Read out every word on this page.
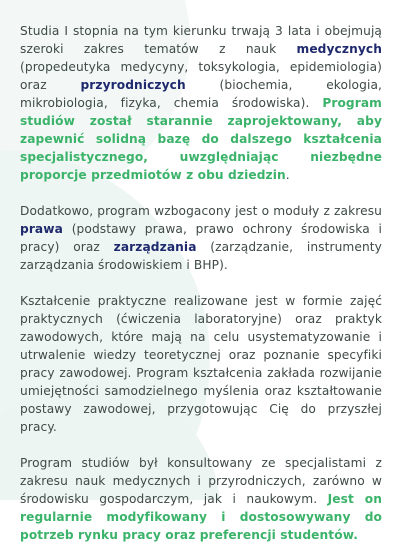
Studia I stopnia na tym kierunku trwają 3 lata i obejmują szeroki zakres tematów z nauk medycznych (propedeutyka medycyny, toksykologia, epidemiologia) oraz przyrodniczych (biochemia, ekologia, mikrobiologia, fizyka, chemia środowiska). Program studiów został starannie zaprojektowany, aby zapewnić solidną bazę do dalszego kształcenia specjalistycznego, uwzględniając niezbędne proporcje przedmiotów z obu dziedzin.

Dodatkowo, program wzbogacony jest o moduły z zakresu prawa (podstawy prawa, prawo ochrony środowiska i pracy) oraz zarządzania (zarządzanie, instrumenty zarządzania środowiskiem i BHP).

Kształcenie praktyczne realizowane jest w formie zajęć praktycznych (ćwiczenia laboratoryjne) oraz praktyk zawodowych, które mają na celu usystematyzowanie i utrwalenie wiedzy teoretycznej oraz poznanie specyfiki pracy zawodowej. Program kształcenia zakłada rozwijanie umiejętności samodzielnego myślenia oraz kształtowanie postawy zawodowej, przygotowując Cię do przyszłej pracy.

Program studiów był konsultowany ze specjalistami z zakresu nauk medycznych i przyrodniczych, zarówno w środowisku gospodarczym, jak i naukowym. Jest on regularnie modyfikowany i dostosowywany do potrzeb rynku pracy oraz preferencji studentów.
